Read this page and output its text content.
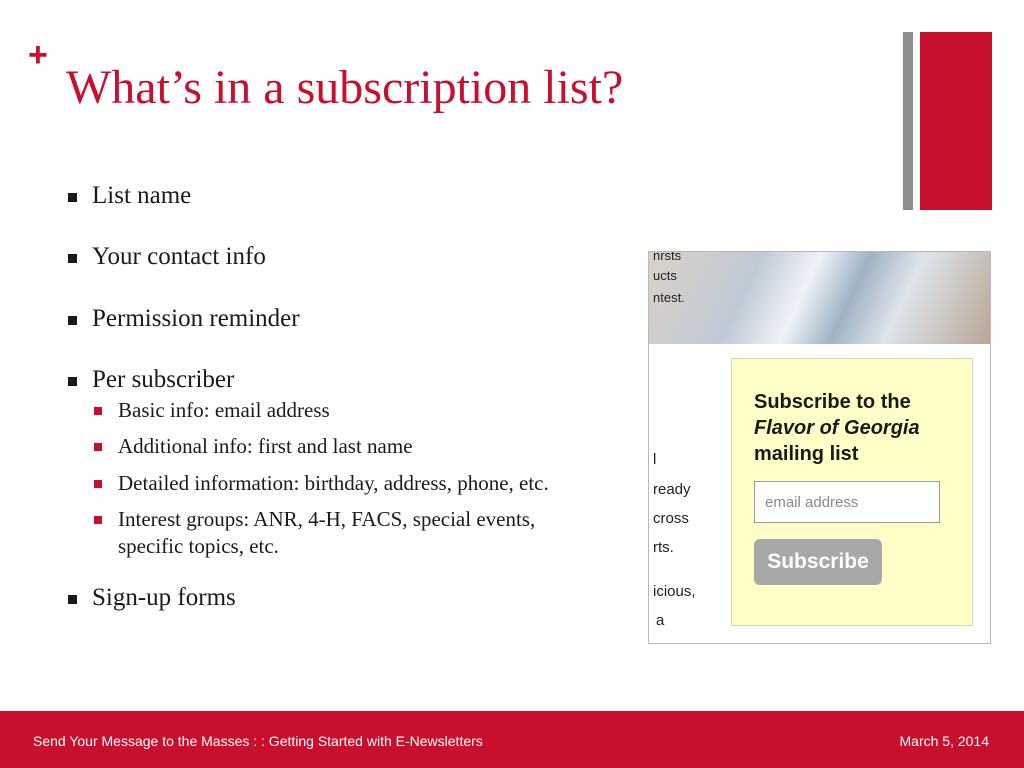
+
What’s in a subscription list?
List name
Your contact info
Permission reminder
Per subscriber
Basic info: email address
Additional info: first and last name
Detailed information: birthday, address, phone, etc.
Interest groups: ANR, 4-H, FACS, special events, specific topics, etc.
Sign-up forms
nrsts
ucts
ntest.
l
ready
cross
rts.
icious,
a
Subscribe to the
Flavor of Georgia
mailing list
email address
Subscribe
Send Your Message to the Masses : : Getting Started with E-Newsletters	March 5, 2014
